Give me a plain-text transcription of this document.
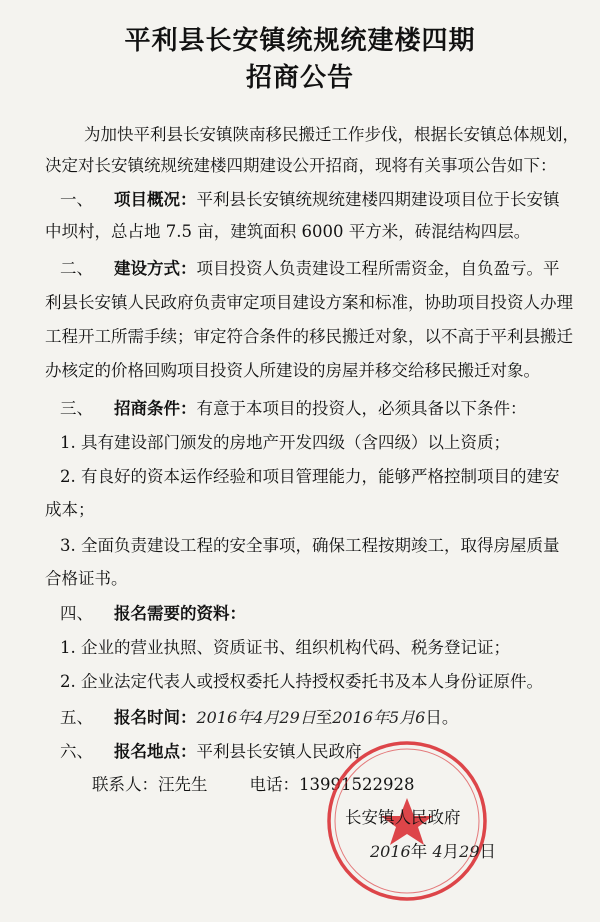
平利县长安镇统规统建楼四期
招商公告
为加快平利县长安镇陕南移民搬迁工作步伐，根据长安镇总体规划，
决定对长安镇统规统建楼四期建设公开招商，现将有关事项公告如下：
一、 项目概况：平利县长安镇统规统建楼四期建设项目位于长安镇
中坝村，总占地 7.5 亩，建筑面积 6000 平方米，砖混结构四层。
二、 建设方式：项目投资人负责建设工程所需资金，自负盈亏。平
利县长安镇人民政府负责审定项目建设方案和标准，协助项目投资人办理
工程开工所需手续；审定符合条件的移民搬迁对象，以不高于平利县搬迁
办核定的价格回购项目投资人所建设的房屋并移交给移民搬迁对象。
三、 招商条件：有意于本项目的投资人，必须具备以下条件：
1. 具有建设部门颁发的房地产开发四级（含四级）以上资质；
2. 有良好的资本运作经验和项目管理能力，能够严格控制项目的建安
成本；
3. 全面负责建设工程的安全事项，确保工程按期竣工，取得房屋质量
合格证书。
四、 报名需要的资料：
1. 企业的营业执照、资质证书、组织机构代码、税务登记证；
2. 企业法定代表人或授权委托人持授权委托书及本人身份证原件。
五、 报名时间：2016年4月29日至2016年5月6日。
六、 报名地点：平利县长安镇人民政府
联系人：汪先生	电话：13991522928
长安镇人民政府
2016年 4月29日
